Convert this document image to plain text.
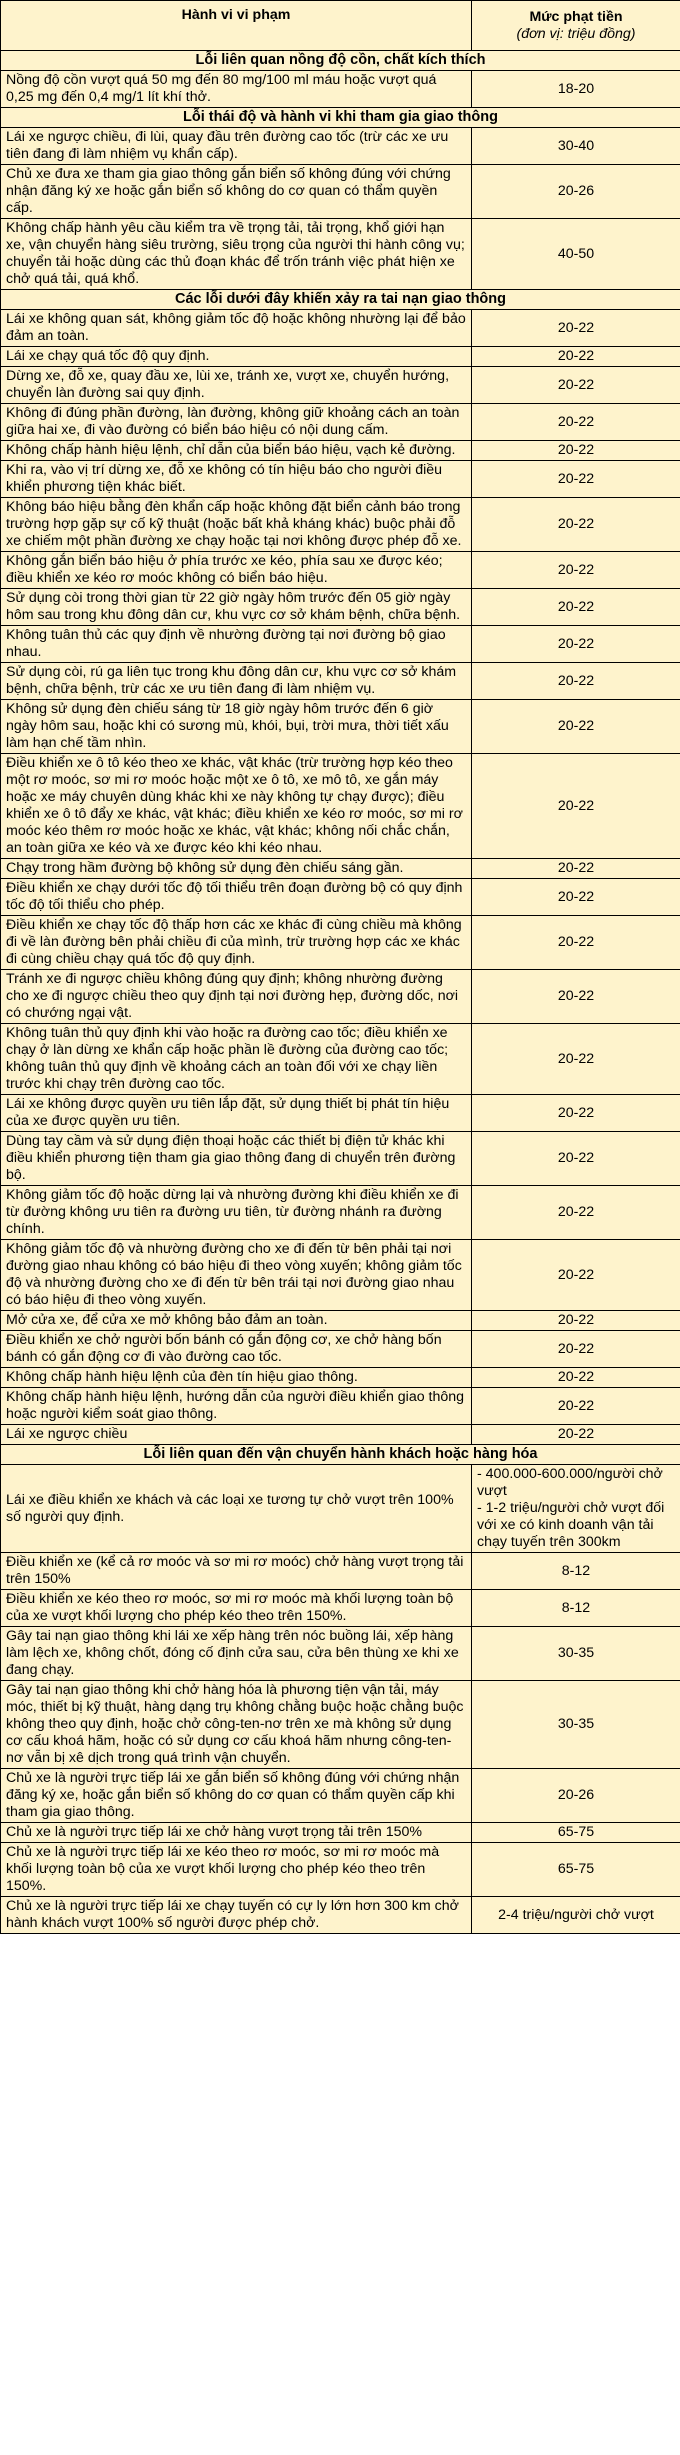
Hành vi vi phạm	Mức phạt tiền
(đơn vị: triệu đồng)

Lỗi liên quan nồng độ cồn, chất kích thích	
Nồng độ cồn vượt quá 50 mg đến 80 mg/100 ml máu hoặc vượt quá 0,25 mg đến 0,4 mg/1 lít khí thở.	18-20
Lỗi thái độ và hành vi khi tham gia giao thông	
Lái xe ngược chiều, đi lùi, quay đầu trên đường cao tốc (trừ các xe ưu tiên đang đi làm nhiệm vụ khẩn cấp).	30-40
Chủ xe đưa xe tham gia giao thông gắn biển số không đúng với chứng nhận đăng ký xe hoặc gắn biển số không do cơ quan có thẩm quyền cấp.	20-26
Không chấp hành yêu cầu kiểm tra về trọng tải, tải trọng, khổ giới hạn xe, vận chuyển hàng siêu trường, siêu trọng của người thi hành công vụ; chuyển tải hoặc dùng các thủ đoạn khác để trốn tránh việc phát hiện xe chở quá tải, quá khổ.	40-50
Các lỗi dưới đây khiến xảy ra tai nạn giao thông	
Lái xe không quan sát, không giảm tốc độ hoặc không nhường lại để bảo đảm an toàn.	20-22
Lái xe chạy quá tốc độ quy định.	20-22
Dừng xe, đỗ xe, quay đầu xe, lùi xe, tránh xe, vượt xe, chuyển hướng, chuyển làn đường sai quy định.	20-22
Không đi đúng phần đường, làn đường, không giữ khoảng cách an toàn giữa hai xe, đi vào đường có biển báo hiệu có nội dung cấm.	20-22
Không chấp hành hiệu lệnh, chỉ dẫn của biển báo hiệu, vạch kẻ đường.	20-22
Khi ra, vào vị trí dừng xe, đỗ xe không có tín hiệu báo cho người điều khiển phương tiện khác biết.	20-22
Không báo hiệu bằng đèn khẩn cấp hoặc không đặt biển cảnh báo trong trường hợp gặp sự cố kỹ thuật (hoặc bất khả kháng khác) buộc phải đỗ xe chiếm một phần đường xe chạy hoặc tại nơi không được phép đỗ xe.	20-22
Không gắn biển báo hiệu ở phía trước xe kéo, phía sau xe được kéo; điều khiển xe kéo rơ moóc không có biển báo hiệu.	20-22
Sử dụng còi trong thời gian từ 22 giờ ngày hôm trước đến 05 giờ ngày hôm sau trong khu đông dân cư, khu vực cơ sở khám bệnh, chữa bệnh.	20-22
Không tuân thủ các quy định về nhường đường tại nơi đường bộ giao nhau.	20-22
Sử dụng còi, rú ga liên tục trong khu đông dân cư, khu vực cơ sở khám bệnh, chữa bệnh, trừ các xe ưu tiên đang đi làm nhiệm vụ.	20-22
Không sử dụng đèn chiếu sáng từ 18 giờ ngày hôm trước đến 6 giờ ngày hôm sau, hoặc khi có sương mù, khói, bụi, trời mưa, thời tiết xấu làm hạn chế tầm nhìn.	20-22
Điều khiển xe ô tô kéo theo xe khác, vật khác (trừ trường hợp kéo theo một rơ moóc, sơ mi rơ moóc hoặc một xe ô tô, xe mô tô, xe gắn máy hoặc xe máy chuyên dùng khác khi xe này không tự chạy được); điều khiển xe ô tô đẩy xe khác, vật khác; điều khiển xe kéo rơ moóc, sơ mi rơ moóc kéo thêm rơ moóc hoặc xe khác, vật khác; không nối chắc chắn, an toàn giữa xe kéo và xe được kéo khi kéo nhau.	20-22
Chạy trong hầm đường bộ không sử dụng đèn chiếu sáng gần.	20-22
Điều khiển xe chạy dưới tốc độ tối thiểu trên đoạn đường bộ có quy định tốc độ tối thiểu cho phép.	20-22
Điều khiển xe chạy tốc độ thấp hơn các xe khác đi cùng chiều mà không đi về làn đường bên phải chiều đi của mình, trừ trường hợp các xe khác đi cùng chiều chạy quá tốc độ quy định.	20-22
Tránh xe đi ngược chiều không đúng quy định; không nhường đường cho xe đi ngược chiều theo quy định tại nơi đường hẹp, đường dốc, nơi có chướng ngại vật.	20-22
Không tuân thủ quy định khi vào hoặc ra đường cao tốc; điều khiển xe chạy ở làn dừng xe khẩn cấp hoặc phần lề đường của đường cao tốc; không tuân thủ quy định về khoảng cách an toàn đối với xe chạy liền trước khi chạy trên đường cao tốc.	20-22
Lái xe không được quyền ưu tiên lắp đặt, sử dụng thiết bị phát tín hiệu của xe được quyền ưu tiên.	20-22
Dùng tay cầm và sử dụng điện thoại hoặc các thiết bị điện tử khác khi điều khiển phương tiện tham gia giao thông đang di chuyển trên đường bộ.	20-22
Không giảm tốc độ hoặc dừng lại và nhường đường khi điều khiển xe đi từ đường không ưu tiên ra đường ưu tiên, từ đường nhánh ra đường chính.	20-22
Không giảm tốc độ và nhường đường cho xe đi đến từ bên phải tại nơi đường giao nhau không có báo hiệu đi theo vòng xuyến; không giảm tốc độ và nhường đường cho xe đi đến từ bên trái tại nơi đường giao nhau có báo hiệu đi theo vòng xuyến.	20-22
Mở cửa xe, để cửa xe mở không bảo đảm an toàn.	20-22
Điều khiển xe chở người bốn bánh có gắn động cơ, xe chở hàng bốn bánh có gắn động cơ đi vào đường cao tốc.	20-22
Không chấp hành hiệu lệnh của đèn tín hiệu giao thông.	20-22
Không chấp hành hiệu lệnh, hướng dẫn của người điều khiển giao thông hoặc người kiểm soát giao thông.	20-22
Lái xe ngược chiều	20-22
Lỗi liên quan đến vận chuyển hành khách hoặc hàng hóa	
Lái xe điều khiển xe khách và các loại xe tương tự chở vượt trên 100% số người quy định.	- 400.000-600.000/người chở vượt
- 1-2 triệu/người chở vượt đối với xe có kinh doanh vận tải chạy tuyến trên 300km
Điều khiển xe (kể cả rơ moóc và sơ mi rơ moóc) chở hàng vượt trọng tải trên 150%	8-12
Điều khiển xe kéo theo rơ moóc, sơ mi rơ moóc mà khối lượng toàn bộ của xe vượt khối lượng cho phép kéo theo trên 150%.	8-12
Gây tai nạn giao thông khi lái xe xếp hàng trên nóc buồng lái, xếp hàng làm lệch xe, không chốt, đóng cố định cửa sau, cửa bên thùng xe khi xe đang chạy.	30-35
Gây tai nạn giao thông khi chở hàng hóa là phương tiện vận tải, máy móc, thiết bị kỹ thuật, hàng dạng trụ không chằng buộc hoặc chằng buộc không theo quy định, hoặc chở công-ten-nơ trên xe mà không sử dụng cơ cấu khoá hãm, hoặc có sử dụng cơ cấu khoá hãm nhưng công-ten- nơ vẫn bị xê dịch trong quá trình vận chuyển.	30-35
Chủ xe là người trực tiếp lái xe gắn biển số không đúng với chứng nhận đăng ký xe, hoặc gắn biển số không do cơ quan có thẩm quyền cấp khi tham gia giao thông.	20-26
Chủ xe là người trực tiếp lái xe chở hàng vượt trọng tải trên 150%	65-75
Chủ xe là người trực tiếp lái xe kéo theo rơ moóc, sơ mi rơ moóc mà khối lượng toàn bộ của xe vượt khối lượng cho phép kéo theo trên 150%.	65-75
Chủ xe là người trực tiếp lái xe chạy tuyến có cự ly lớn hơn 300 km chở hành khách vượt 100% số người được phép chở.	2-4 triệu/người chở vượt
